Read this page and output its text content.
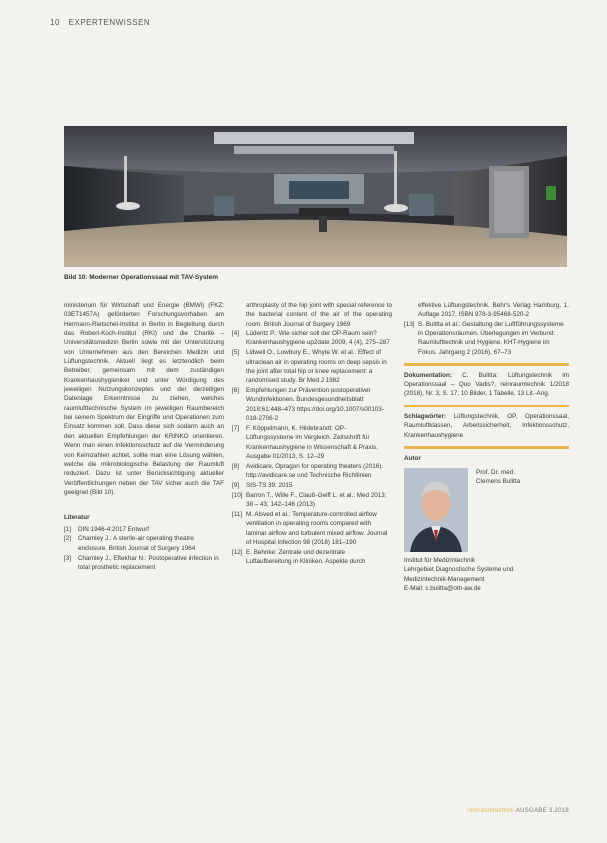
10 EXPERTENWISSEN
Bild 10: Moderner Operationssaal mit TAV-System

ministerium für Wirtschaft und Energie (BMWi) (FKZ: 03ET1457A) geförderten Forschungsvorhaben am Hermann-Rietschel-Institut in Berlin in Begleitung durch das Robert-Koch-Institut (RKI) und die Charité – Universitätsmedizin Berlin sowie mit der Unterstützung von Unternehmen aus den Bereichen Medizin und Lüftungstechnik. Aktuell liegt es letztendlich beim Betreiber, gemeinsam mit dem zuständigen Krankenhaushygieniker und unter Würdigung des jeweiligen Nutzungskonzeptes und der derzeitigen Datenlage Erkenntnisse zu ziehen, welches raumlufttechnische System im jeweiligen Raumbereich bei seinem Spektrum der Eingriffe und Operationen zum Einsatz kommen soll. Dass diese sich sodann auch an den aktuellen Empfehlungen der KRINKO orientieren. Wenn man einen Infektionsschutz auf die Verminderung von Keimzahlen achtet, sollte man eine Lösung wählen, welche die mikrobiologische Belastung der Raumluft reduziert. Dazu ist unter Berücksichtigung aktueller Veröffentlichungen neben der TAV sicher auch die TAF geeignet (Bild 10).

Literatur

[1]	DIN 1946-4:2017 Entwurf
[2]	Charnley J.: A sterile-air operating theatre enclosure. British Journal of Surgery 1964
[3]	Charnley J., Eftekhar N.: Postoperative infection in total prosthetic replacement

arthroplasty of the hip joint with special reference to the bacterial content of the air of the operating room. British Journal of Surgery 1969

[4]	Lüderitz P.: Wie sicher soll der OP-Raum sein? Krankenhaushygiene up2date 2009, 4 (4), 275–287
[5]	Lidwell O., Lowbury E., Whyte W. et al.: Effect of ultraclean air in operating rooms on deep sepsis in the joint after total hip or knee replacement: a randomised study. Br Med J 1982
[6]	Empfehlungen zur Prävention postoperativer Wundinfektionen. Bundesgesundheitsblatt 2018;61:448–473 https://doi.org/10.1007/s00103-018-2706-2
[7]	F. Köppelmann, K. Hildebrandt: OP-Lüftungssysteme im Vergleich. Zeitschrift für Krankenhaushygiene in Wissenschaft & Praxis, Ausgabe 01/2013, S. 12–29
[8]	Avidicare, Opragon for operating theaters (2016). http://avidicare.se und Technische Richtlinien
[9]	SIS-TS 39: 2015
[10] Barron T., Wille F., Clauß-Geiff L. et al.: Med 2013; 38 – 43, 142–146 (2013)
[11] M. Alsved et al.: Temperature-controlled airflow ventilation in operating rooms compared with laminar airflow and turbulent mixed airflow. Journal of Hospital Infection 98 (2018) 181–190
[12] E. Behnke: Zentrale und dezentrale Luftaufbereitung in Kliniken. Aspekte durch

effektive Lüftungstechnik. Behr's Verlag Hamburg, 1. Auflage 2017, ISBN 978-3-95468-520-2

[13] S. Bulitta et al.: Gestaltung der Luftführungssysteme in Operationsräumen. Überlegungen im Verbund: Raumlufttechnik und Hygiene. KHT-Hygiene im Fokus. Jahrgang 2 (2016), 67–73

Dokumentation: C. Bulitta: Lüftungstechnik im Operationssaal – Quo Vadis?, reinraumtechnik 1/2018 (2018), Nr. 3, S. 17, 10 Bilder, 1 Tabelle, 13 Lit.-Ang.

Schlagwörter: Lüftungstechnik, OP, Operationssaal, Raumluftklassen, Arbeitssicherheit, Infektionsschutz, Krankenhaushygiene

Autor

Prof. Dr. med.
Clemens Bulitta
Institut für Medizintechnik
Lehrgebiet Diagnostische Systeme und
Medizintechnik-Management
E-Mail: c.bulitta@oth-aw.de
reinraumtechnik AUSGABE 3.2018
